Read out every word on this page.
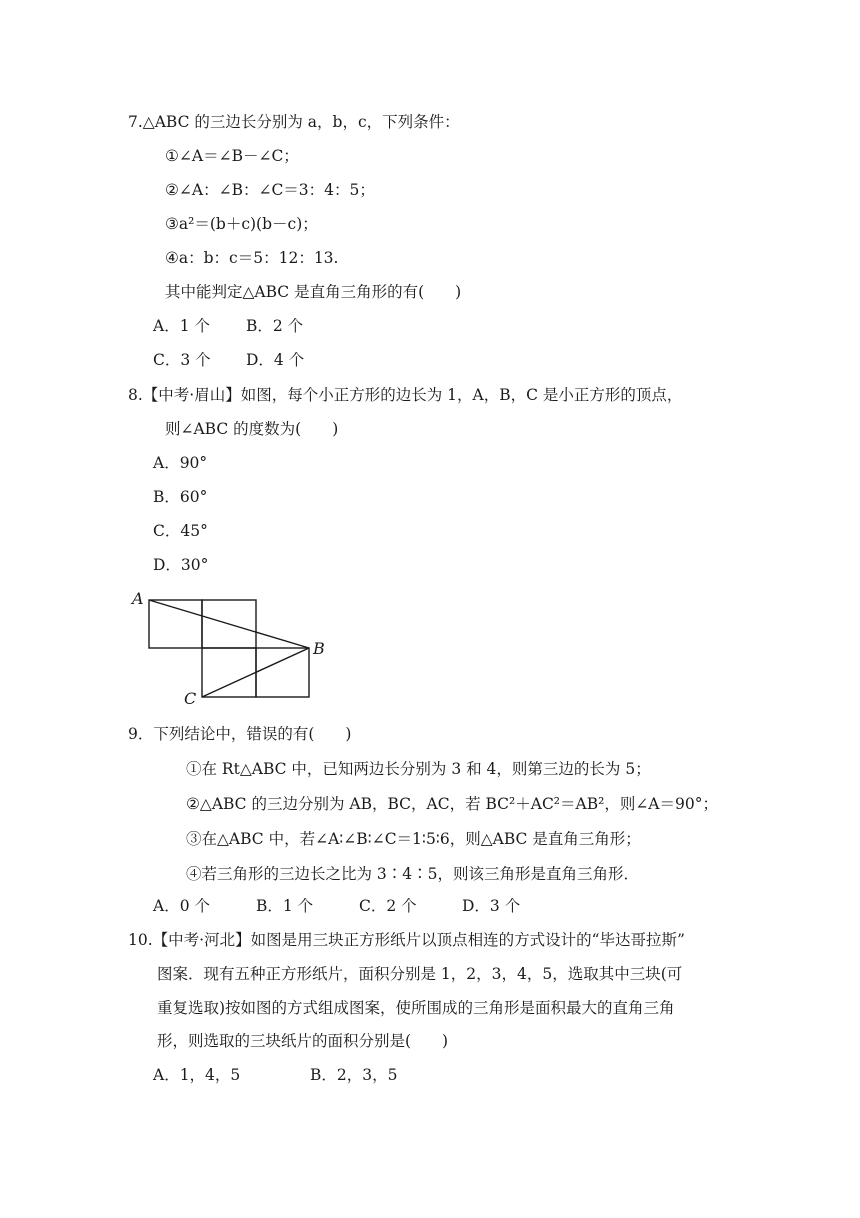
7.△ABC 的三边长分别为 a，b，c，下列条件：
①∠A＝∠B－∠C；
②∠A：∠B：∠C＝3：4：5；
③a²＝(b＋c)(b－c)；
④a：b：c＝5：12：13.
其中能判定△ABC 是直角三角形的有(　　)
A．1 个 B．2 个
C．3 个 D．4 个
8.【中考·眉山】如图，每个小正方形的边长为 1，A，B，C 是小正方形的顶点，
则∠ABC 的度数为(　　)
A．90°
B．60°
C．45°
D．30°
A
B
C
9．下列结论中，错误的有(　　)
①在 Rt△ABC 中，已知两边长分别为 3 和 4，则第三边的长为 5；
②△ABC 的三边分别为 AB，BC，AC，若 BC²＋AC²＝AB²，则∠A＝90°；
③在△ABC 中，若∠A∶∠B∶∠C＝1∶5∶6，则△ABC 是直角三角形；
④若三角形的三边长之比为 3∶4∶5，则该三角形是直角三角形．
A．0 个	B．1 个	C．2 个	D．3 个
10.【中考·河北】如图是用三块正方形纸片以顶点相连的方式设计的“毕达哥拉斯”
图案．现有五种正方形纸片，面积分别是 1，2，3，4，5，选取其中三块(可
重复选取)按如图的方式组成图案，使所围成的三角形是面积最大的直角三角
形，则选取的三块纸片的面积分别是(　　)
A．1，4，5	B．2，3，5
